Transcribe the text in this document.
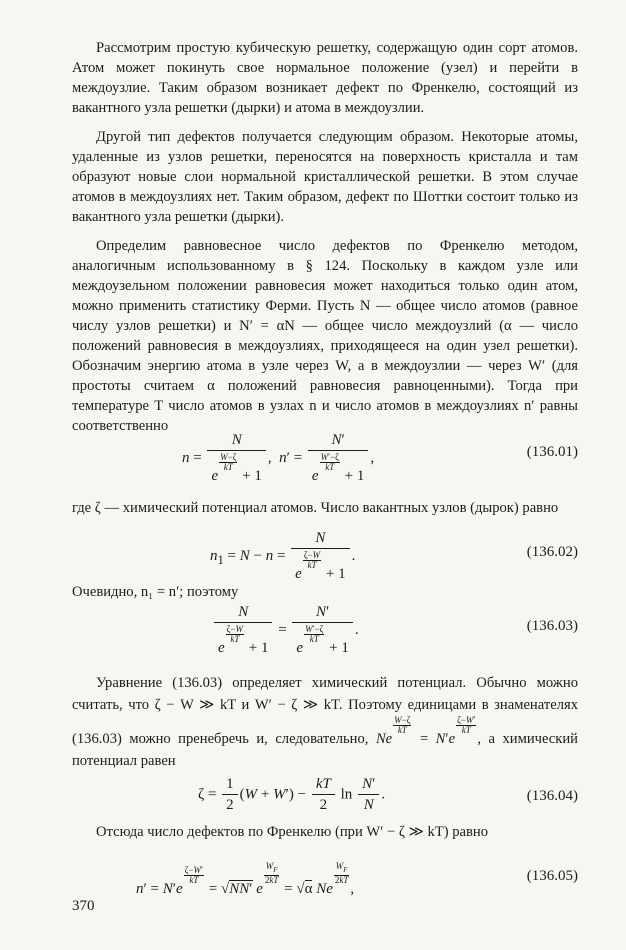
Рассмотрим простую кубическую решетку, содержащую один сорт атомов. Атом может покинуть свое нормальное положение (узел) и перейти в междоузлие. Таким образом возникает дефект по Френкелю, состоящий из вакантного узла решетки (дырки) и атома в междоузлии.
Другой тип дефектов получается следующим образом. Некоторые атомы, удаленные из узлов решетки, переносятся на поверхность кристалла и там образуют новые слои нормальной кристаллической решетки. В этом случае атомов в междоузлиях нет. Таким образом, дефект по Шоттки состоит только из вакантного узла решетки (дырки).
Определим равновесное число дефектов по Френкелю методом, аналогичным использованному в § 124. Поскольку в каждом узле или междоузельном положении равновесия может находиться только один атом, можно применить статистику Ферми. Пусть N — общее число атомов (равное числу узлов решетки) и N′ = αN — общее число междоузлий (α — число положений равновесия в междоузлиях, приходящееся на один узел решетки). Обозначим энергию атома в узле через W, а в междоузлии — через W′ (для простоты считаем α положений равновесия равноценными). Тогда при температуре T число атомов в узлах n и число атомов в междоузлиях n′ равны соответственно
n = N
e
$\frac{W-\zeta}{kT}$
+ 1 ,  n′ = N′
e
$\frac{W'-\zeta}{kT}$
+ 1 ,	(136.01)
где ζ — химический потенциал атомов. Число вакантных узлов (дырок) равно
$n_1 = N - n = N$
e
$\frac{\zeta-W}{kT}$
+ 1 .	(136.02)
Очевидно, n₁ = n′; поэтому
N
e
$\frac{\zeta-W}{kT}$
+ 1 = N′
e
$\frac{W'-\zeta}{kT}$
+ 1 .	(136.03)
Уравнение (136.03) определяет химический потенциал. Обычно можно считать, что ζ − W ≫ kT и W′ − ζ ≫ kT. Поэтому единицами в знаменателях (136.03) можно пренебречь и, следовательно, Ne
$\frac{W-\zeta}{kT}$
= N′e
$\frac{\zeta-W'}{kT}$
, а химический потенциал равен
$\zeta = \frac{1}{2} (W + W') - \frac{kT}{2}$ $\ln \frac{N'}{N}$ .	(136.04)
Отсюда число дефектов по Френкелю (при W′ − ζ ≫ kT) равно
n′ = N′e
$\frac{\zeta-W'}{kT}$
= √NN′ e
$\frac{W_F}{2kT}$
= √α Ne
$\frac{W_F}{2kT}$
,
(136.05)
370
